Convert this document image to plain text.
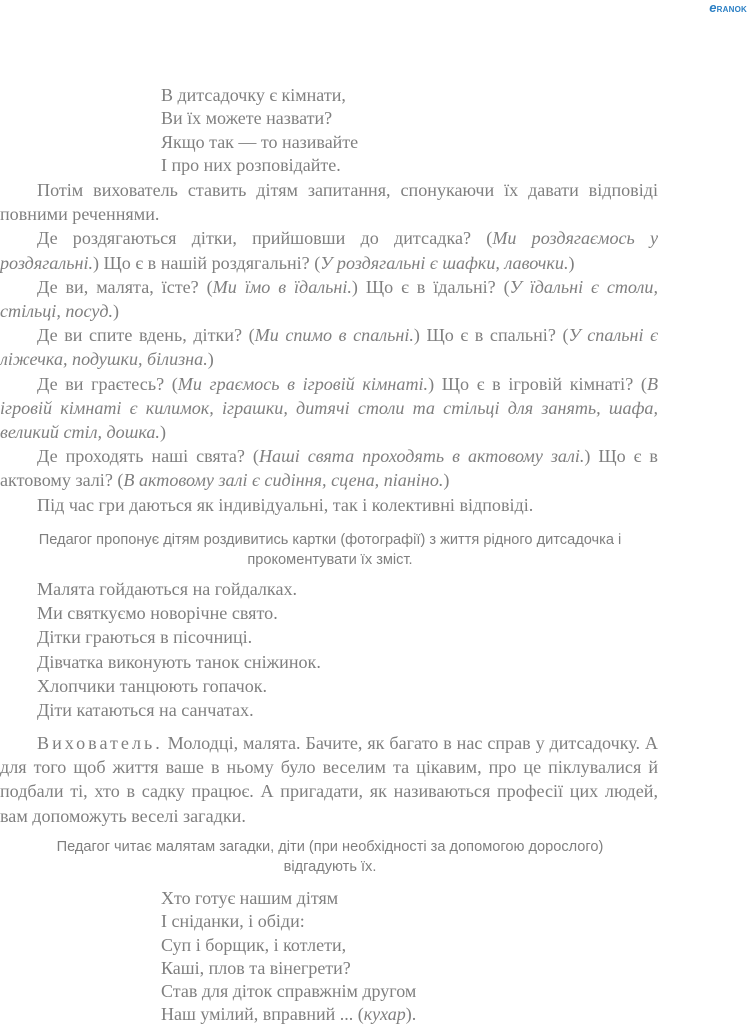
eRANOK
В дитсадочку є кімнати,
Ви їх можете назвати?
Якщо так — то називайте
І про них розповідайте.

Потім вихователь ставить дітям запитання, спонукаючи їх давати відповіді повними реченнями.

Де роздягаються дітки, прийшовши до дитсадка? (Ми роздягаємось у роздягальні.) Що є в нашій роздягальні? (У роздягальні є шафки, лавочки.)

Де ви, малята, їсте? (Ми їмо в їдальні.) Що є в їдальні? (У їдальні є столи, стільці, посуд.)

Де ви спите вдень, дітки? (Ми спимо в спальні.) Що є в спальні? (У спальні є ліжечка, подушки, білизна.)

Де ви граєтесь? (Ми граємось в ігровій кімнаті.) Що є в ігровій кімнаті? (В ігровій кімнаті є килимок, іграшки, дитячі столи та стільці для занять, шафа, великий стіл, дошка.)

Де проходять наші свята? (Наші свята проходять в актовому залі.) Що є в актовому залі? (В актовому залі є сидіння, сцена, піаніно.)

Під час гри даються як індивідуальні, так і колективні відповіді.

Педагог пропонує дітям роздивитись картки (фотографії) з життя рідного дитсадочка і прокоментувати їх зміст.
Малята гойдаються на гойдалках.
Ми святкуємо новорічне свято.
Дітки граються в пісочниці.
Дівчатка виконують танок сніжинок.
Хлопчики танцюють гопачок.
Діти катаються на санчатах.

Вихователь. Молодці, малята. Бачите, як багато в нас справ у дитсадочку. А для того щоб життя ваше в ньому було веселим та цікавим, про це піклувалися й подбали ті, хто в садку працює. А пригадати, як називаються професії цих людей, вам допоможуть веселі загадки.

Педагог читає малятам загадки, діти (при необхідності за допомогою дорослого) відгадують їх.
Хто готує нашим дітям
І сніданки, і обіди:
Суп і борщик, і котлети,
Каші, плов та вінегрети?
Став для діток справжнім другом
Наш умілий, вправний ... (кухар).
